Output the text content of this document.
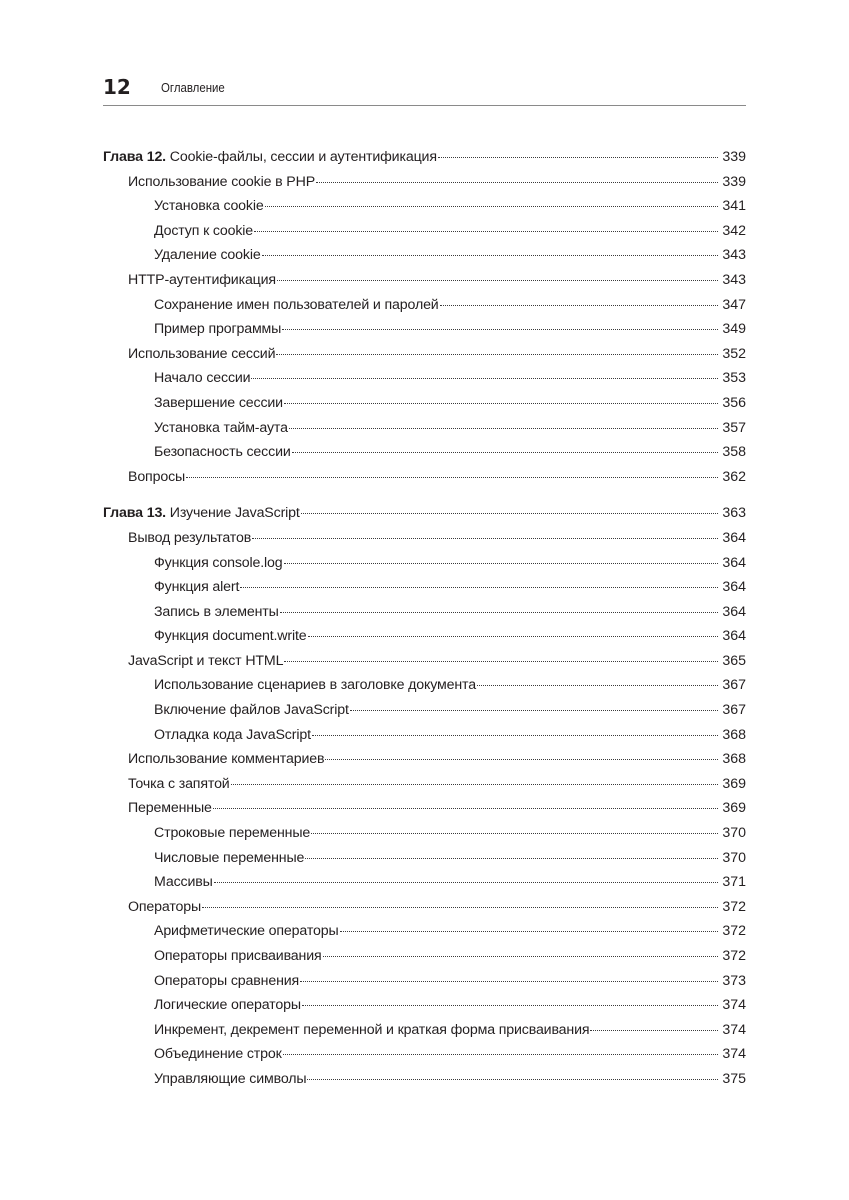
12 Оглавление
Глава 12. Cookie-файлы, сессии и аутентификация	339
Использование cookie в PHP	339
Установка cookie	341
Доступ к cookie	342
Удаление cookie	343
HTTP-аутентификация	343
Сохранение имен пользователей и паролей	347
Пример программы	349
Использование сессий	352
Начало сессии	353
Завершение сессии	356
Установка тайм-аута	357
Безопасность сессии	358
Вопросы	362
Глава 13. Изучение JavaScript	363
Вывод результатов	364
Функция console.log	364
Функция alert	364
Запись в элементы	364
Функция document.write	364
JavaScript и текст HTML	365
Использование сценариев в заголовке документа	367
Включение файлов JavaScript	367
Отладка кода JavaScript	368
Использование комментариев	368
Точка с запятой	369
Переменные	369
Строковые переменные	370
Числовые переменные	370
Массивы	371
Операторы	372
Арифметические операторы	372
Операторы присваивания	372
Операторы сравнения	373
Логические операторы	374
Инкремент, декремент переменной и краткая форма присваивания	374
Объединение строк	374
Управляющие символы	375
